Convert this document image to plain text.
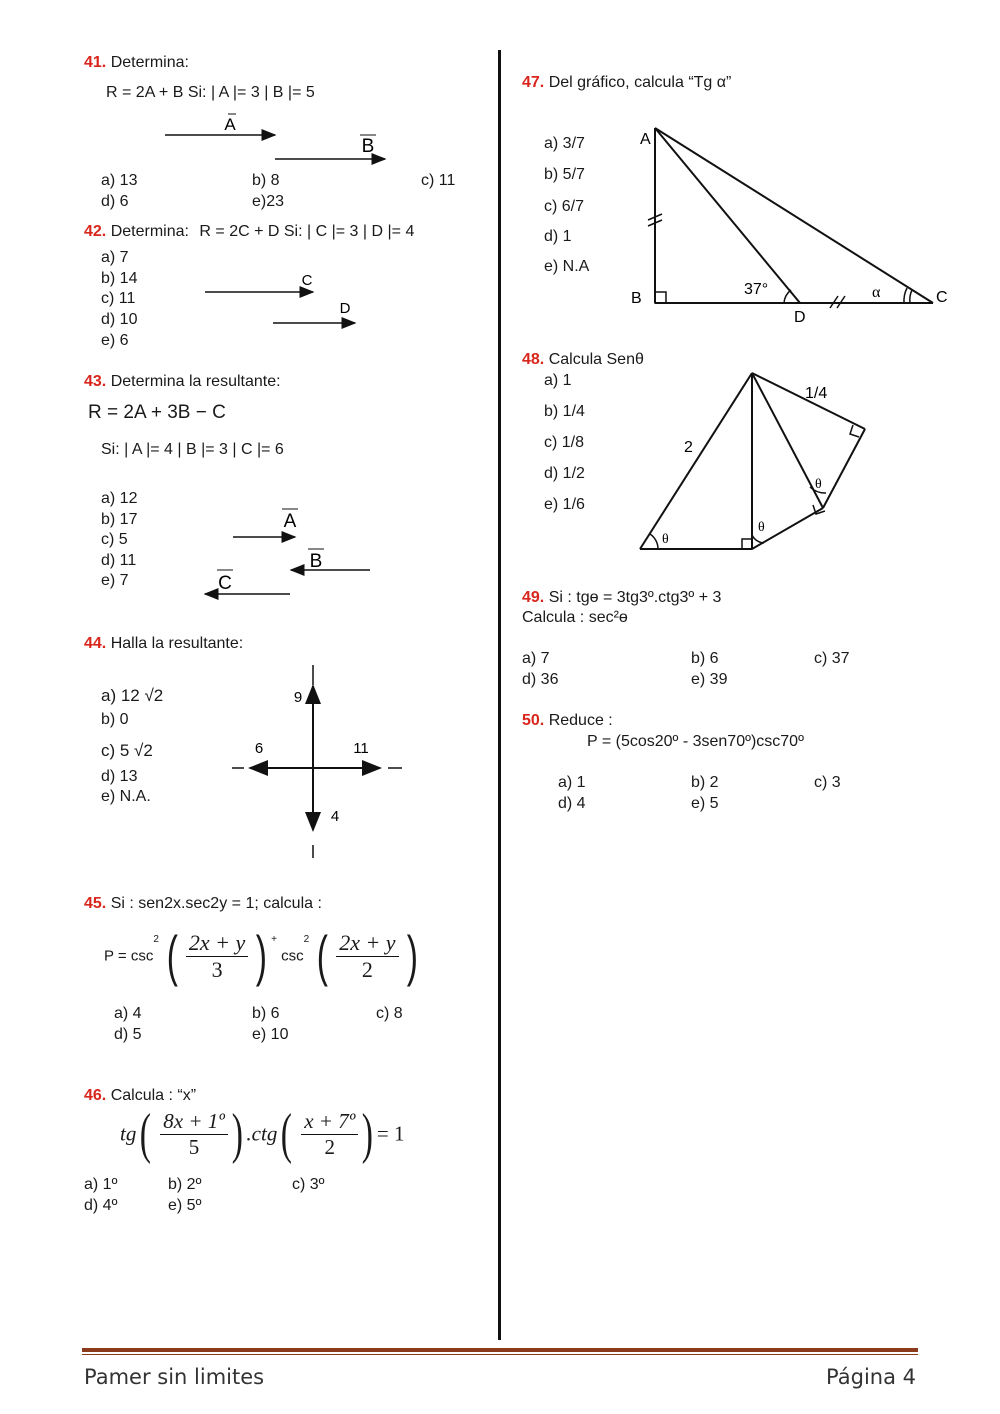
41. Determina:
R = 2A + B Si: | A |= 3 | B |= 5
A
B
a) 13	b) 8	c) 11
d) 6	e)23
42. Determina: R = 2C + D Si: | C |= 3 | D |= 4
a) 7
b) 14
c) 11
d) 10
e) 6
C
D
43. Determina la resultante:
R = 2A + 3B − C
Si: | A |= 4 | B |= 3 | C |= 6
a) 12
b) 17
c) 5
d) 11
e) 7
A
B
C
44. Halla la resultante:
a) 12 √2
b) 0
c) 5 √2
d) 13
e) N.A.
9
6	11
4
45. Si : sen2x.sec2y = 1; calcula :
$P = \csc^2$ ( $\frac{2x + y}{3}$ ) + $\csc^2$ ( $\frac{2x + y}{2}$ )
a) 4	b) 6	c) 8
d) 5	e) 10
46. Calcula : “x”
$tg( \frac{\text{8x + 1º}}{5}$ ) $.ctg( \frac{\text{x + 7º}}{2}$ ) = 1
a) 1º	b) 2º	c) 3º
d) 4º	e) 5º
47. Del gráfico, calcula “Tg α”
a) 3/7
b) 5/7
c) 6/7
d) 1
e) N.A
A
B	C
D
37°	α
48. Calcula Senθ
a) 1
b) 1/4
c) 1/8
d) 1/2
e) 1/6
2
1/4
θ
θ
θ
49. Si : tgɵ = 3tg3º.ctg3º + 3
Calcula : sec²ɵ
a) 7	b) 6	c) 37
d) 36	e) 39
50. Reduce :
P = (5cos20º - 3sen70º)csc70º
a) 1	b) 2	c) 3
d) 4	e) 5
Pamer sin limites	Página 4
